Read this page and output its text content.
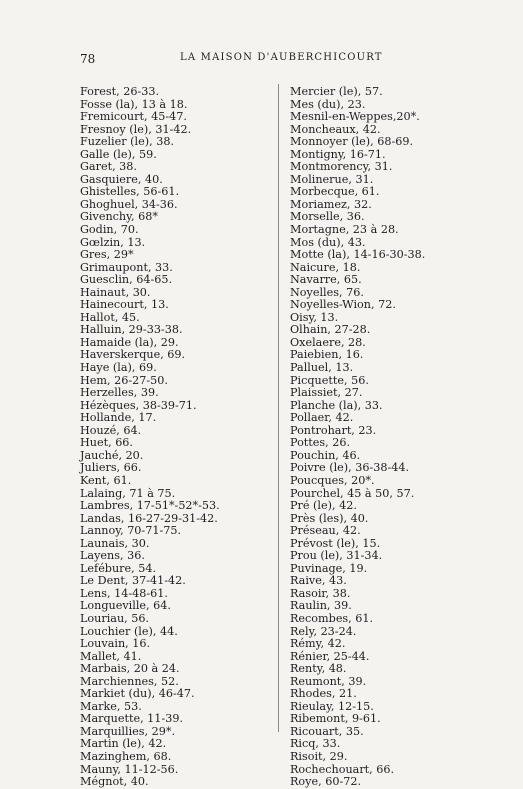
78	LA MAISON D'AUBERCHICOURT
Forest, 26-33.
Fosse (la), 13 à 18.
Fremicourt, 45-47.
Fresnoy (le), 31-42.
Fuzelier (le), 38.
Galle (le), 59.
Garet, 38.
Gasquiere, 40.
Ghistelles, 56-61.
Ghoghuel, 34-36.
Givenchy, 68*
Godin, 70.
Gœlzin, 13.
Gres, 29*
Grimaupont, 33.
Guesclin, 64-65.
Hainaut, 30.
Hainecourt, 13.
Hallot, 45.
Halluin, 29-33-38.
Hamaide (la), 29.
Haverskerque, 69.
Haye (la), 69.
Hem, 26-27-50.
Herzelles, 39.
Hézèques, 38-39-71.
Hollande, 17.
Houzé, 64.
Huet, 66.
Jauché, 20.
Juliers, 66.
Kent, 61.
Lalaing, 71 à 75.
Lambres, 17-51*-52*-53.
Landas, 16-27-29-31-42.
Lannoy, 70-71-75.
Launais, 30.
Layens, 36.
Lefébure, 54.
Le Dent, 37-41-42.
Lens, 14-48-61.
Longueville, 64.
Louriau, 56.
Louchier (le), 44.
Louvain, 16.
Mallet, 41.
Marbais, 20 à 24.
Marchiennes, 52.
Markiet (du), 46-47.
Marke, 53.
Marquette, 11-39.
Marquillies, 29*.
Martin (le), 42.
Mazinghem, 68.
Mauny, 11-12-56.
Mégnot, 40.
Mercier (le), 57.
Mes (du), 23.
Mesnil-en-Weppes,20*.
Moncheaux, 42.
Monnoyer (le), 68-69.
Montigny, 16-71.
Montmorency, 31.
Molinerue, 31.
Morbecque, 61.
Moriamez, 32.
Morselle, 36.
Mortagne, 23 à 28.
Mos (du), 43.
Motte (la), 14-16-30-38.
Naicure, 18.
Navarre, 65.
Noyelles, 76.
Noyelles-Wion, 72.
Oisy, 13.
Olhain, 27-28.
Oxelaere, 28.
Paiebien, 16.
Palluel, 13.
Picquette, 56.
Plaissiet, 27.
Planche (la), 33.
Pollaer, 42.
Pontrohart, 23.
Pottes, 26.
Pouchin, 46.
Poivre (le), 36-38-44.
Poucques, 20*.
Pourchel, 45 à 50, 57.
Pré (le), 42.
Près (les), 40.
Préseau, 42.
Prévost (le), 15.
Prou (le), 31-34.
Puvinage, 19.
Raive, 43.
Rasoir, 38.
Raulin, 39.
Recombes, 61.
Rely, 23-24.
Rémy, 42.
Rénier, 25-44.
Renty, 48.
Reumont, 39.
Rhodes, 21.
Rieulay, 12-15.
Ribemont, 9-61.
Ricouart, 35.
Ricq, 33.
Risoit, 29.
Rochechouart, 66.
Roye, 60-72.
